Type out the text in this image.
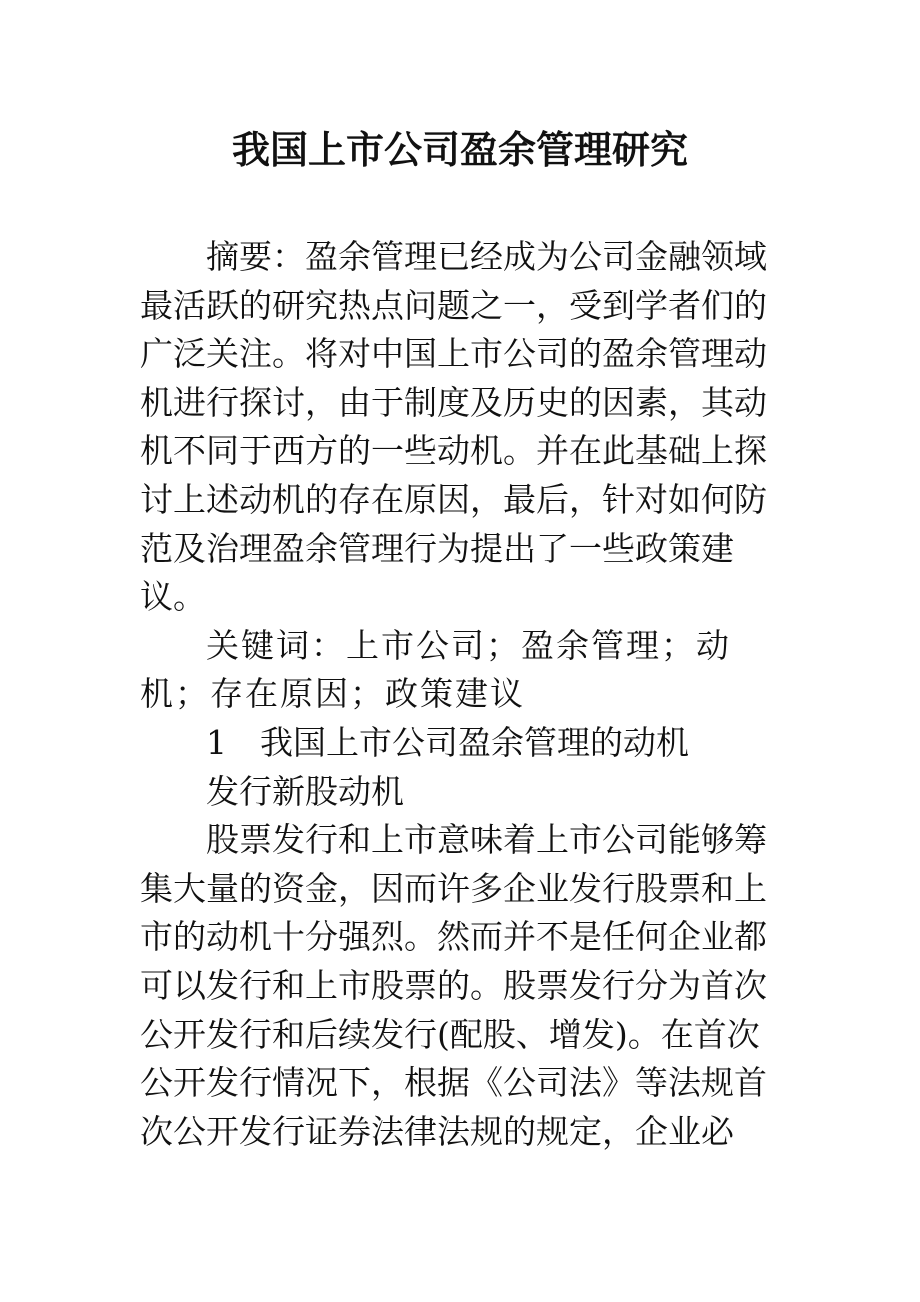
我国上市公司盈余管理研究

摘要：盈余管理已经成为公司金融领域最活跃的研究热点问题之一，受到学者们的广泛关注。将对中国上市公司的盈余管理动机进行探讨，由于制度及历史的因素，其动机不同于西方的一些动机。并在此基础上探讨上述动机的存在原因，最后，针对如何防范及治理盈余管理行为提出了一些政策建议。

关键词：上市公司；盈余管理；动机；存在原因；政策建议

1　我国上市公司盈余管理的动机

发行新股动机

股票发行和上市意味着上市公司能够筹集大量的资金，因而许多企业发行股票和上市的动机十分强烈。然而并不是任何企业都可以发行和上市股票的。股票发行分为首次公开发行和后续发行(配股、增发)。在首次公开发行情况下，根据《公司法》等法规首次公开发行证券法律法规的规定，企业必
